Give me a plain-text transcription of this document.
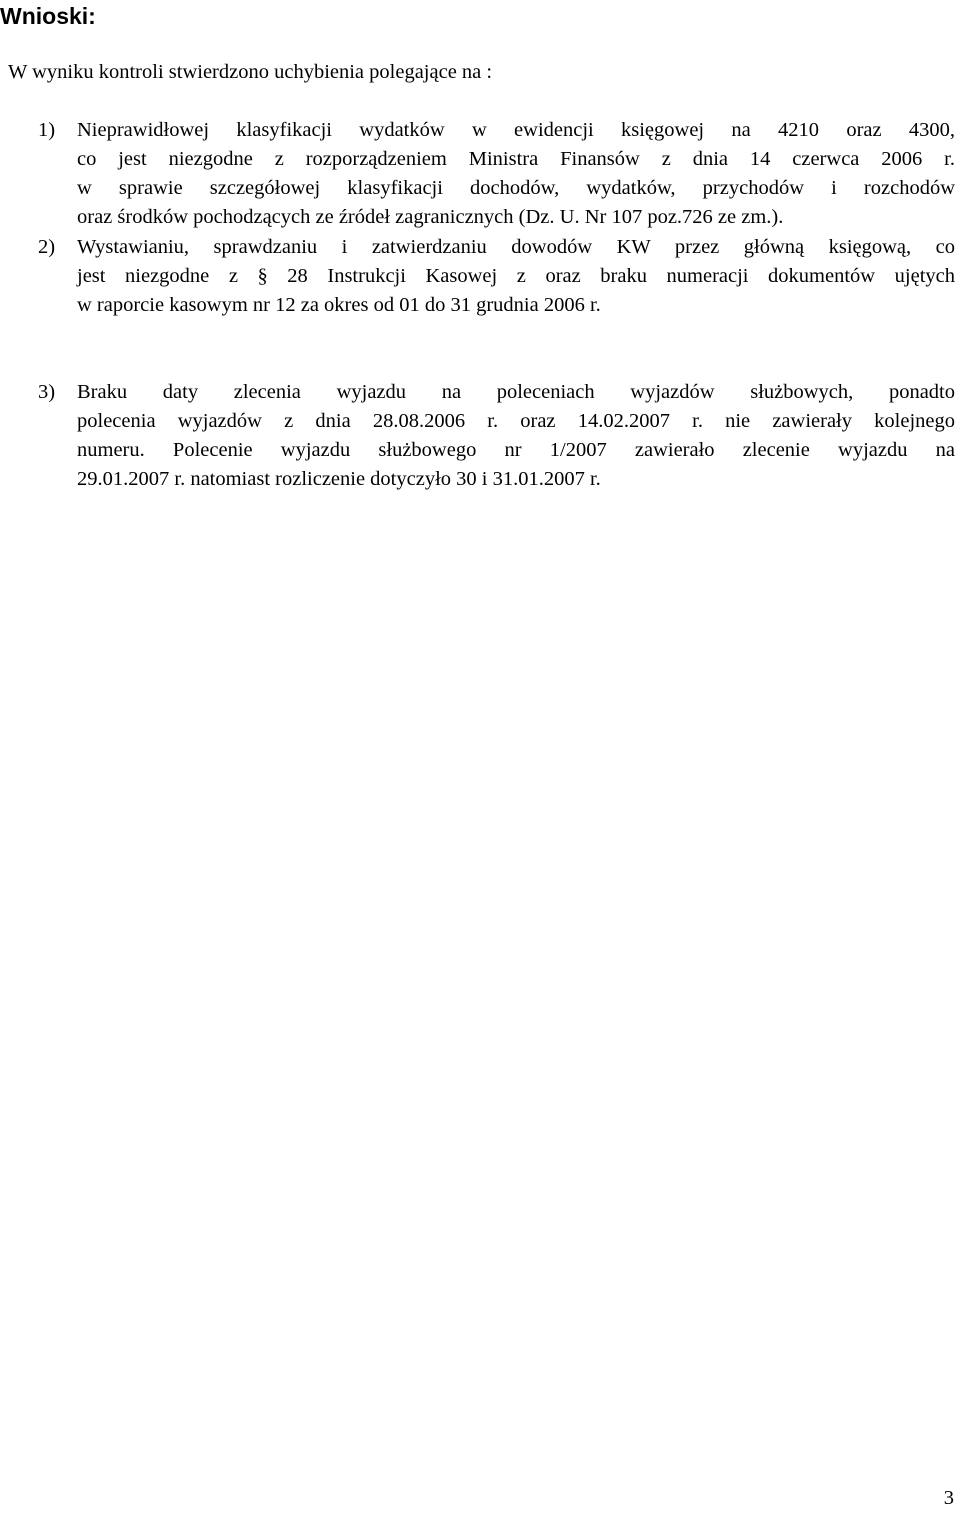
Wnioski:
W wyniku kontroli stwierdzono uchybienia polegające na :
1) Nieprawidłowej klasyfikacji wydatków w ewidencji księgowej na 4210 oraz 4300,
co jest niezgodne z rozporządzeniem Ministra Finansów z dnia 14 czerwca 2006 r.
w sprawie szczegółowej klasyfikacji dochodów, wydatków, przychodów i rozchodów
oraz środków pochodzących ze źródeł zagranicznych (Dz. U. Nr 107 poz.726 ze zm.).
2) Wystawianiu, sprawdzaniu i zatwierdzaniu dowodów KW przez główną księgową, co
jest niezgodne z § 28 Instrukcji Kasowej z oraz braku numeracji dokumentów ujętych
w raporcie kasowym nr 12 za okres od 01 do 31 grudnia 2006 r.
3) Braku daty zlecenia wyjazdu na poleceniach wyjazdów służbowych, ponadto
polecenia wyjazdów z dnia 28.08.2006 r. oraz 14.02.2007 r. nie zawierały kolejnego
numeru. Polecenie wyjazdu służbowego nr 1/2007 zawierało zlecenie wyjazdu na
29.01.2007 r. natomiast rozliczenie dotyczyło 30 i 31.01.2007 r.
3
